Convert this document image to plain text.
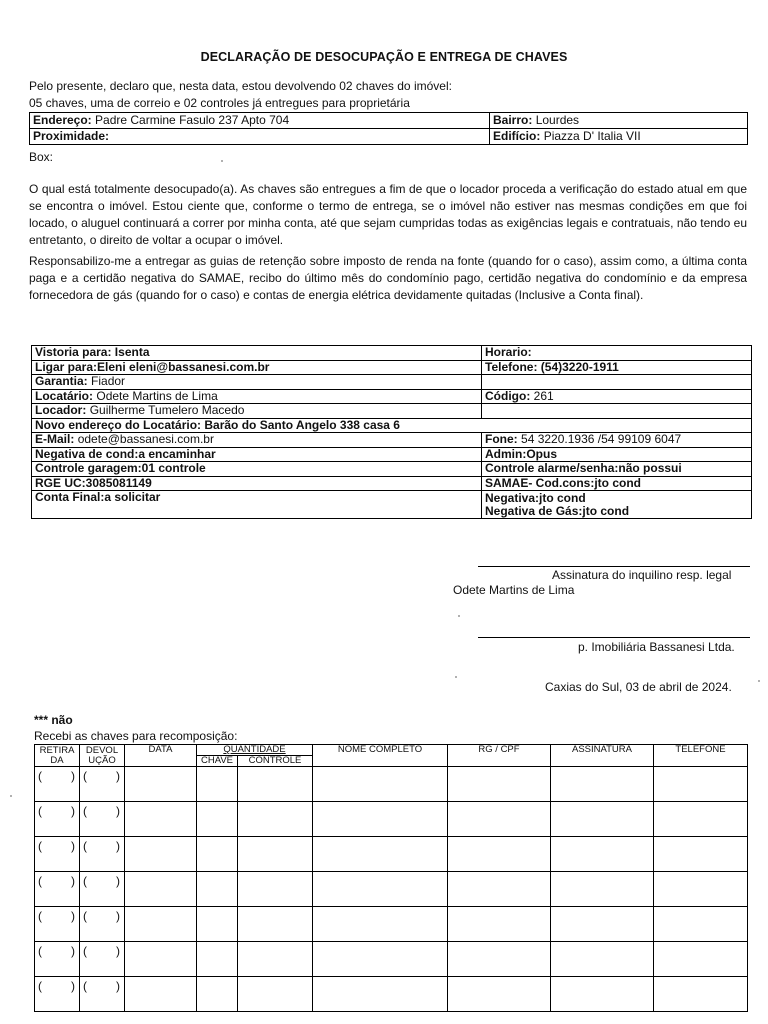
DECLARAÇÃO DE DESOCUPAÇÃO E ENTREGA DE CHAVES
Pelo presente, declaro que, nesta data, estou devolvendo 02 chaves do imóvel:
05 chaves, uma de correio e 02 controles já entregues para proprietária
Endereço: Padre Carmine Fasulo 237 Apto 704	Bairro: Lourdes
Proximidade:	Edifício: Piazza D' Italia VII
Box:
O qual está totalmente desocupado(a). As chaves são entregues a fim de que o locador proceda a verificação do estado atual em que se encontra o imóvel. Estou ciente que, conforme o termo de entrega, se o imóvel não estiver nas mesmas condições em que foi locado, o aluguel continuará a correr por minha conta, até que sejam cumpridas todas as exigências legais e contratuais, não tendo eu entretanto, o direito de voltar a ocupar o imóvel.
Responsabilizo-me a entregar as guias de retenção sobre imposto de renda na fonte (quando for o caso), assim como, a última conta paga e a certidão negativa do SAMAE, recibo do último mês do condomínio pago, certidão negativa do condomínio e da empresa fornecedora de gás (quando for o caso) e contas de energia elétrica devidamente quitadas (Inclusive a Conta final).
Vistoria para: Isenta	Horario:
Ligar para:Eleni eleni@bassanesi.com.br	Telefone: (54)3220-1911
Garantia: Fiador	
Locatário: Odete Martins de Lima	Código: 261
Locador: Guilherme Tumelero Macedo	
Novo endereço do Locatário: Barão do Santo Angelo 338 casa 6	
E-Mail: odete@bassanesi.com.br	Fone: 54 3220.1936 /54 99109 6047
Negativa de cond:a encaminhar	Admin:Opus
Controle garagem:01 controle	Controle alarme/senha:não possui
RGE UC:3085081149	SAMAE- Cod.cons:jto cond
Conta Final:a solicitar	Negativa:jto cond
Negativa de Gás:jto cond
Assinatura do inquilino resp. legal
Odete Martins de Lima
p. Imobiliária Bassanesi Ltda.
Caxias do Sul, 03 de abril de 2024.
*** não
Recebi as chaves para recomposição:
RETIRA DA	DEVOL UÇÃO	DATA	QUANTIDADE		NOME COMPLETO	RG / CPF	ASSINATURA	TELEFONE
			CHAVE	CONTROLE				

( )	( )							

( )	( )							

( )	( )							

( )	( )							

( )	( )							

( )	( )							

( )	( )							
